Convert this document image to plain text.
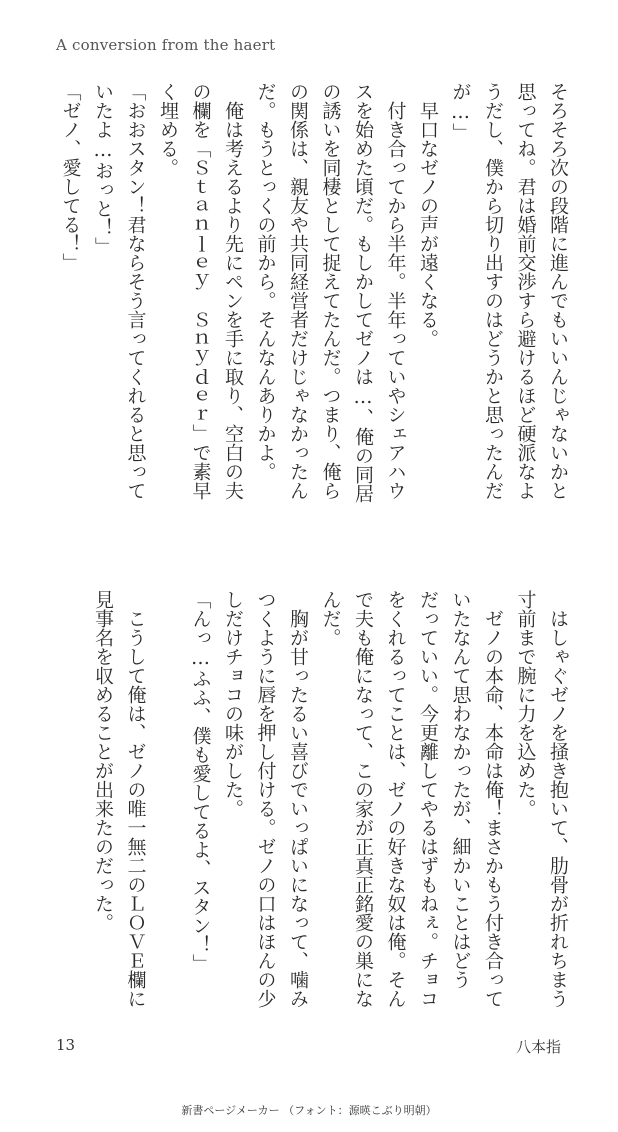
A conversion from the haert
そろそろ次の段階に進んでもいいんじゃないかと
思ってね。君は婚前交渉すら避けるほど硬派なよ
うだし、僕から切り出すのはどうかと思ったんだ
が…」
　早口なゼノの声が遠くなる。
　付き合ってから半年。半年っていやシェアハウ
スを始めた頃だ。もしかしてゼノは…、俺の同居
の誘いを同棲として捉えてたんだ。つまり、俺ら
の関係は、親友や共同経営者だけじゃなかったん
だ。もうとっくの前から。そんなんありかよ。
　俺は考えるより先にペンを手に取り、空白の夫
の欄を「Ｓｔａｎｌｅｙ　Ｓｎｙｄｅｒ」で素早
く埋める。
「おおスタン！君ならそう言ってくれると思って
いたよ…おっと！」
「ゼノ、愛してる！」
　はしゃぐゼノを掻き抱いて、肋骨が折れちまう
寸前まで腕に力を込めた。
　ゼノの本命、本命は俺！まさかもう付き合って
いたなんて思わなかったが、細かいことはどう
だっていい。今更離してやるはずもねぇ。チョコ
をくれるってことは、ゼノの好きな奴は俺。そん
で夫も俺になって、この家が正真正銘愛の巣にな
んだ。
　胸が甘ったるい喜びでいっぱいになって、噛み
つくように唇を押し付ける。ゼノの口はほんの少
しだけチョコの味がした。
「んっ…ふふ、僕も愛してるよ、スタン！」
　こうして俺は、ゼノの唯一無二のＬＯＶＥ欄に
見事名を収めることが出来たのだった。
13	八本指
新書ページメーカー （フォント：源暎こぶり明朝）
